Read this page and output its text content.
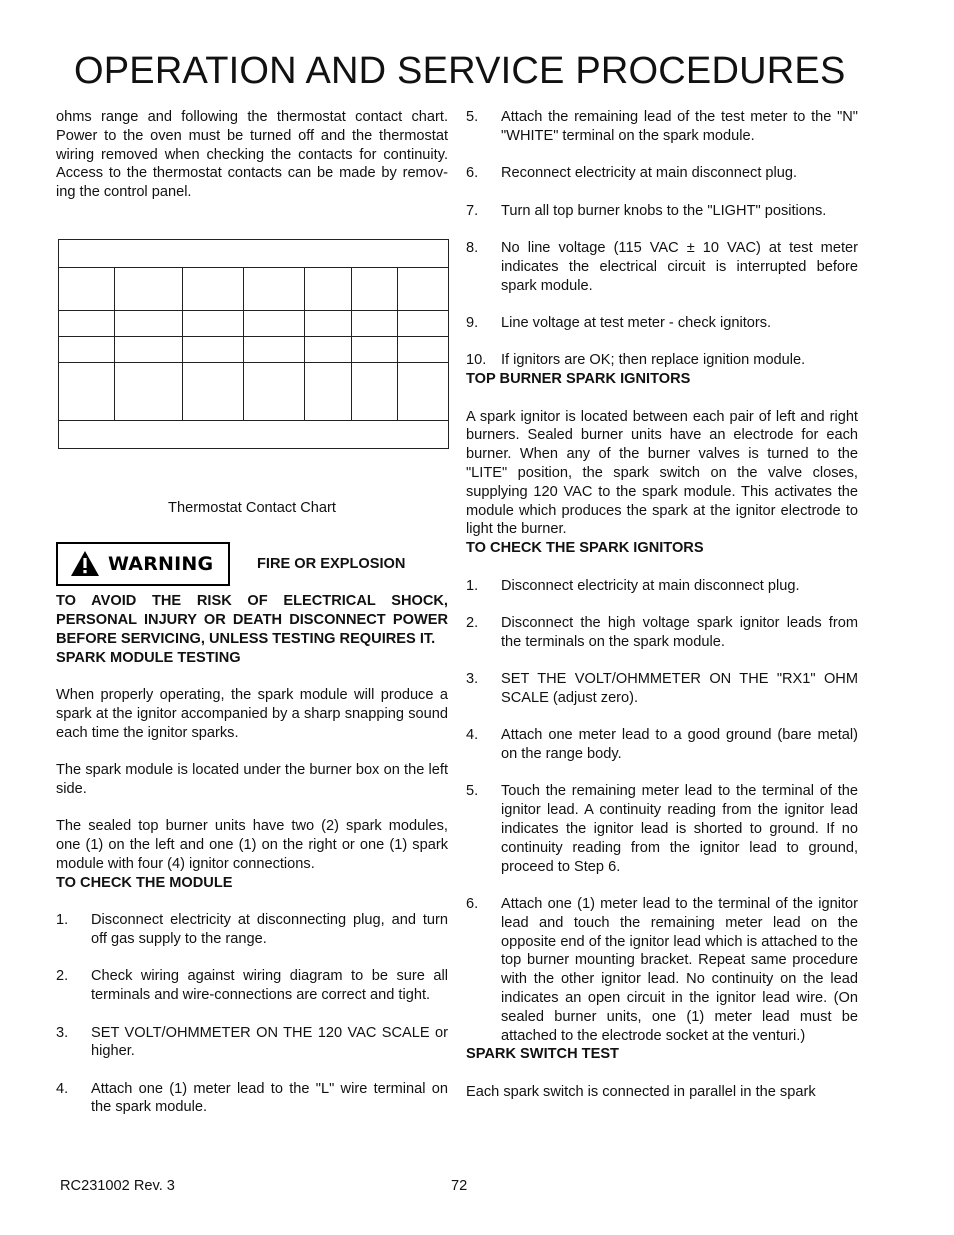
OPERATION AND SERVICE PROCEDURES

ohms range and following the thermostat contact chart. Power to the oven must be turned off and the thermostat wiring removed when checking the contacts for continuity. Access to the thermostat contacts can be made by remov-ing the control panel.

Thermostat Contact Chart

WARNING	FIRE OR EXPLOSION

TO AVOID THE RISK OF ELECTRICAL SHOCK, PERSONAL INJURY OR DEATH DISCONNECT POWER BEFORE SERVICING, UNLESS TESTING REQUIRES IT.

SPARK MODULE TESTING

When properly operating, the spark module will produce a spark at the ignitor accompanied by a sharp snapping sound each time the ignitor sparks.

The spark module is located under the burner box on the left side.

The sealed top burner units have two (2) spark modules, one (1) on the left and one (1) on the right or one (1) spark module with four (4) ignitor connections.

TO CHECK THE MODULE
1.	Disconnect electricity at disconnecting plug, and turn off gas supply to the range.
2.	Check wiring against wiring diagram to be sure all terminals and wire-connections are correct and tight.
3.	SET VOLT/OHMMETER ON THE 120 VAC SCALE or higher.
4.	Attach one (1) meter lead to the "L" wire terminal on the spark module.
5.	Attach the remaining lead of the test meter to the "N" "WHITE" terminal on the spark module.
6.	Reconnect electricity at main disconnect plug.
7.	Turn all top burner knobs to the "LIGHT" positions.
8.	No line voltage (115 VAC ± 10 VAC) at test meter indicates the electrical circuit is interrupted before spark module.
9.	Line voltage at test meter - check ignitors.
10.	If ignitors are OK; then replace ignition module.
TOP BURNER SPARK IGNITORS

A spark ignitor is located between each pair of left and right burners. Sealed burner units have an electrode for each burner. When any of the burner valves is turned to the "LITE" position, the spark switch on the valve closes, supplying 120 VAC to the spark module. This activates the module which produces the spark at the ignitor electrode to light the burner.

TO CHECK THE SPARK IGNITORS
1.	Disconnect electricity at main disconnect plug.
2.	Disconnect the high voltage spark ignitor leads from the terminals on the spark module.
3.	SET THE VOLT/OHMMETER ON THE "RX1" OHM SCALE (adjust zero).
4.	Attach one meter lead to a good ground (bare metal) on the range body.
5.	Touch the remaining meter lead to the terminal of the ignitor lead. A continuity reading from the ignitor lead indicates the ignitor lead is shorted to ground. If no continuity reading from the ignitor lead to ground, proceed to Step 6.
6.	Attach one (1) meter lead to the terminal of the ignitor lead and touch the remaining meter lead on the opposite end of the ignitor lead which is attached to the top burner mounting bracket. Repeat same procedure with the other ignitor lead. No continuity on the lead indicates an open circuit in the ignitor lead wire. (On sealed burner units, one (1) meter lead must be attached to the electrode socket at the venturi.)
SPARK SWITCH TEST

Each spark switch is connected in parallel in the spark

RC231002 Rev. 3	72
